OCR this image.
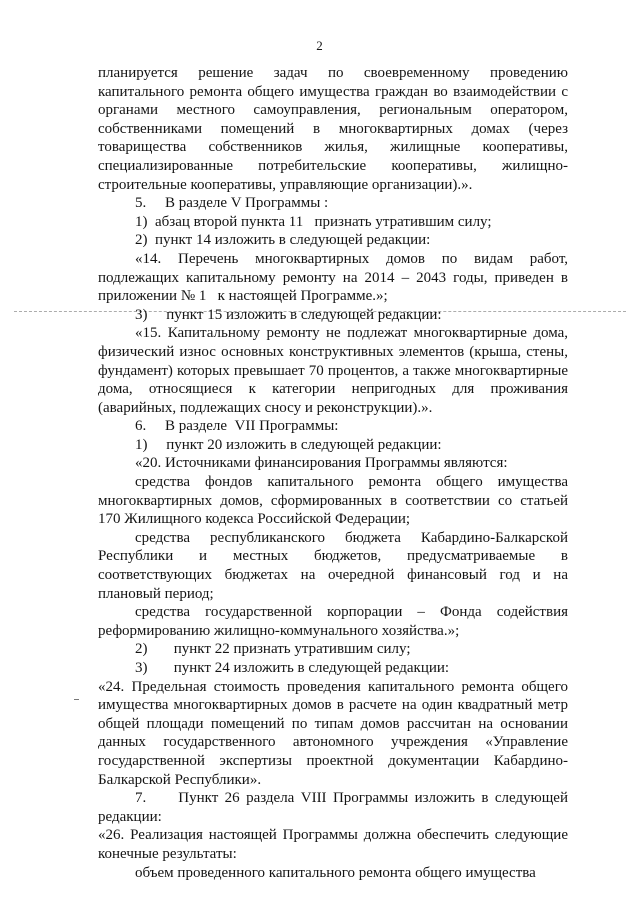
2

планируется решение задач по своевременному проведению капитального ремонта общего имущества граждан во взаимодействии с органами местного самоуправления, региональным оператором, собственниками помещений в многоквартирных домах (через товарищества собственников жилья, жилищные кооперативы, специализированные потребительские кооперативы, жилищно-строительные кооперативы, управляющие организации).».

5.     В разделе V Программы :

1)  абзац второй пункта 11   признать утратившим силу;

2)  пункт 14 изложить в следующей редакции:

«14. Перечень многоквартирных домов по видам работ, подлежащих капитальному ремонту на 2014 – 2043 годы, приведен в приложении № 1   к настоящей Программе.»;

3)     пункт 15 изложить в следующей редакции:

«15. Капитальному ремонту не подлежат многоквартирные дома, физический износ основных конструктивных элементов (крыша, стены, фундамент) которых превышает 70 процентов, а также многоквартирные дома, относящиеся к категории непригодных для проживания (аварийных, подлежащих сносу и реконструкции).».

6.     В разделе  VII Программы:

1)     пункт 20 изложить в следующей редакции:

«20. Источниками финансирования Программы являются:

средства фондов капитального ремонта общего имущества многоквартирных домов, сформированных в соответствии со статьей 170 Жилищного кодекса Российской Федерации;

средства республиканского бюджета Кабардино-Балкарской Республики и местных бюджетов, предусматриваемые в соответствующих бюджетах на очередной финансовый год и на плановый период;

средства государственной корпорации – Фонда содействия реформированию жилищно-коммунального хозяйства.»;

2)       пункт 22 признать утратившим силу;

3)       пункт 24 изложить в следующей редакции:

«24. Предельная стоимость проведения капитального ремонта общего имущества многоквартирных домов в расчете на один квадратный метр общей площади помещений по типам домов рассчитан на основании данных государственного автономного учреждения «Управление государственной экспертизы проектной документации Кабардино-Балкарской Республики».

7.     Пункт 26 раздела VIII Программы изложить в следующей редакции:

«26. Реализация настоящей Программы должна обеспечить следующие конечные результаты:

объем проведенного капитального ремонта общего имущества
